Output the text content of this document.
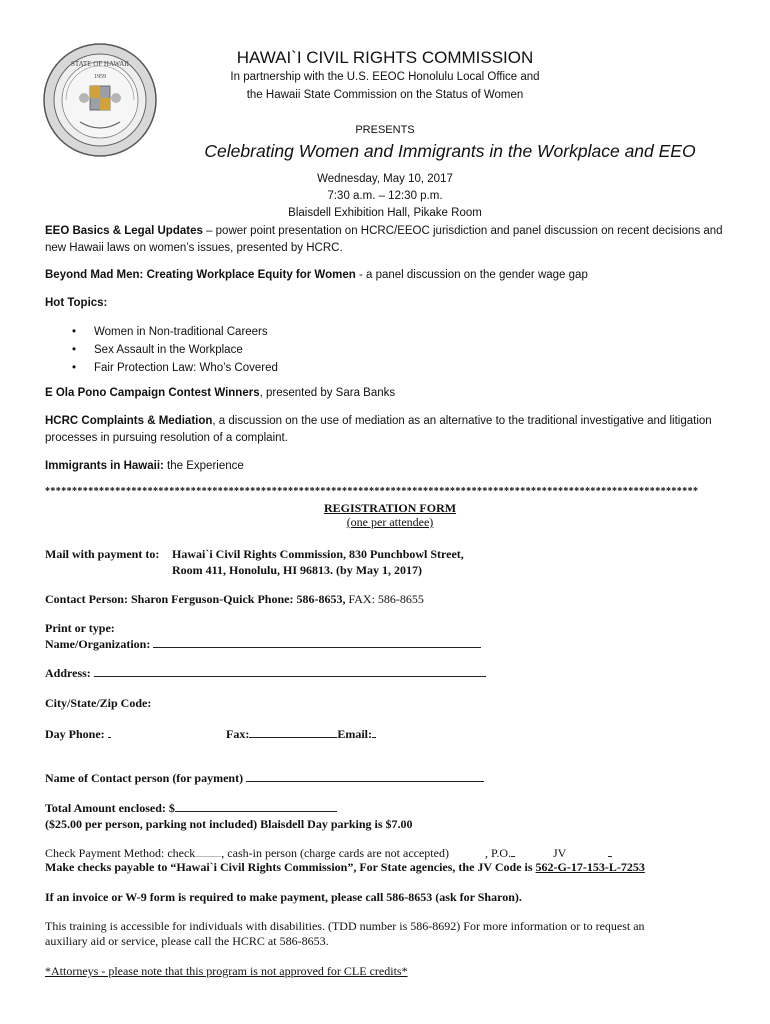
STATE OF HAWAII
1959
HAWAI`I CIVIL RIGHTS COMMISSION
In partnership with the U.S. EEOC Honolulu Local Office and
the Hawaii State Commission on the Status of Women
PRESENTS
Celebrating Women and Immigrants in the Workplace and EEO
Wednesday, May 10, 2017
7:30 a.m. – 12:30 p.m.
Blaisdell Exhibition Hall, Pikake Room
EEO Basics & Legal Updates – power point presentation on HCRC/EEOC jurisdiction and panel discussion on recent decisions and new Hawaii laws on women’s issues, presented by HCRC.
Beyond Mad Men: Creating Workplace Equity for Women - a panel discussion on the gender wage gap
Hot Topics:
•	Women in Non-traditional Careers
•	Sex Assault in the Workplace
•	Fair Protection Law: Who’s Covered
E Ola Pono Campaign Contest Winners, presented by Sara Banks
HCRC Complaints & Mediation, a discussion on the use of mediation as an alternative to the traditional investigative and litigation processes in pursuing resolution of a complaint.
Immigrants in Hawaii: the Experience
*************************************************************************************************************************
REGISTRATION FORM
(one per attendee)
Mail with payment to: Hawai`i Civil Rights Commission, 830 Punchbowl Street,
Room 411, Honolulu, HI 96813. (by May 1, 2017)
Contact Person: Sharon Ferguson-Quick Phone: 586-8653, FAX: 586-8655
Print or type:
Name/Organization:
Address:
City/State/Zip Code:
Day Phone:	Fax:	Email:
Name of Contact person (for payment)
Total Amount enclosed: $
($25.00 per person, parking not included) Blaisdell Day parking is $7.00
Check Payment Method: check , cash-in person (charge cards are not accepted)	, P.O.	JV
Make checks payable to “Hawai`i Civil Rights Commission”, For State agencies, the JV Code is 562-G-17-153-L-7253
If an invoice or W-9 form is required to make payment, please call 586-8653 (ask for Sharon).
This training is accessible for individuals with disabilities. (TDD number is 586-8692) For more information or to request an
auxiliary aid or service, please call the HCRC at 586-8653.
*Attorneys - please note that this program is not approved for CLE credits*
